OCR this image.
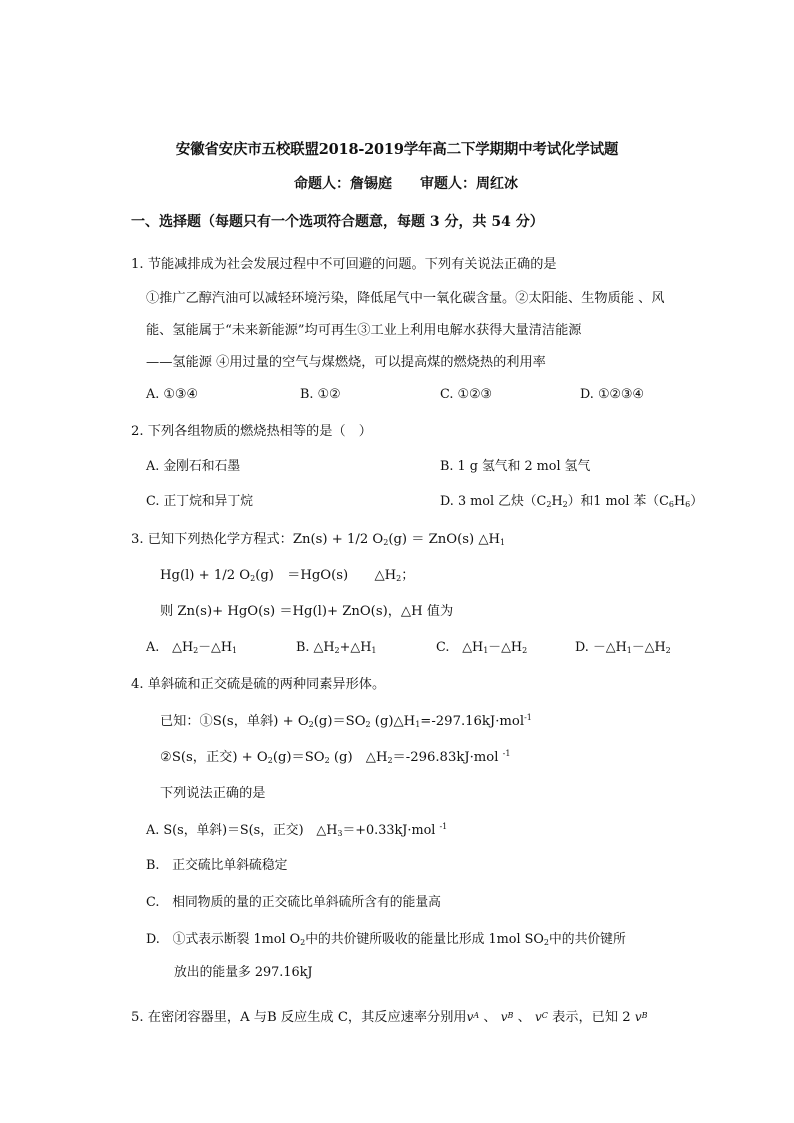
安徽省安庆市五校联盟2018-2019学年高二下学期期中考试化学试题
命题人：詹锡庭　　审题人：周红冰
一、选择题（每题只有一个选项符合题意，每题 3 分，共 54 分）
1. 节能减排成为社会发展过程中不可回避的问题。下列有关说法正确的是
①推广乙醇汽油可以减轻环境污染，降低尾气中一氧化碳含量。②太阳能、生物质能 、风
能、氢能属于“未来新能源”均可再生③工业上利用电解水获得大量清洁能源
——氢能源 ④用过量的空气与煤燃烧，可以提高煤的燃烧热的利用率
A. ①③④	B. ①②	C. ①②③	D. ①②③④
2. 下列各组物质的燃烧热相等的是（　）
A. 金刚石和石墨	B. 1 g 氢气和 2 mol 氢气
C. 正丁烷和异丁烷	D. 3 mol 乙炔$(C_2H_2)$和1 mol 苯$(C_6H_6)$
3. 已知下列热化学方程式：Zn(s) + 1/2 $O_2(g) = ZnO(s)$ $\triangle H_1$
Hg(l) + 1/2 $O_2(g)$　＝HgO(s)　　$\triangle H_2$；
则 Zn(s)+ HgO(s) ＝Hg(l)+ ZnO(s)，△H 值为
A.　$\triangle H_2-\triangle H_1$	B. $\triangle H_2+\triangle H_1$	C.　$\triangle H_1-\triangle H_2$	D. $-\triangle H_1-\triangle H_2$
4. 单斜硫和正交硫是硫的两种同素异形体。
已知：①S(s，单斜) + $O_2(g)=SO_2$ $(g)\triangle H_1=-297.16kJ\cdot mol^{-1}$
②S(s，正交) + $O_2(g)=SO_2$ (g)　$\triangle H_2=-296.83kJ\cdot mol$ $^{-1}$
下列说法正确的是
A. S(s，单斜)＝S(s，正交)　$\triangle H_3=+0.33kJ\cdot mol$ $^{-1}$
B.　正交硫比单斜硫稳定
C.　相同物质的量的正交硫比单斜硫所含有的能量高
D.　①式表示断裂 1mol $O_2$中的共价键所吸收的能量比形成 1mol $SO_2$中的共价键所
放出的能量多 297.16kJ
5. 在密闭容器里，A 与B 反应生成 C，其反应速率分别用$v_A$ 、 $v_B$ 、 $v_C$ 表示，已知 2 $v_B$
